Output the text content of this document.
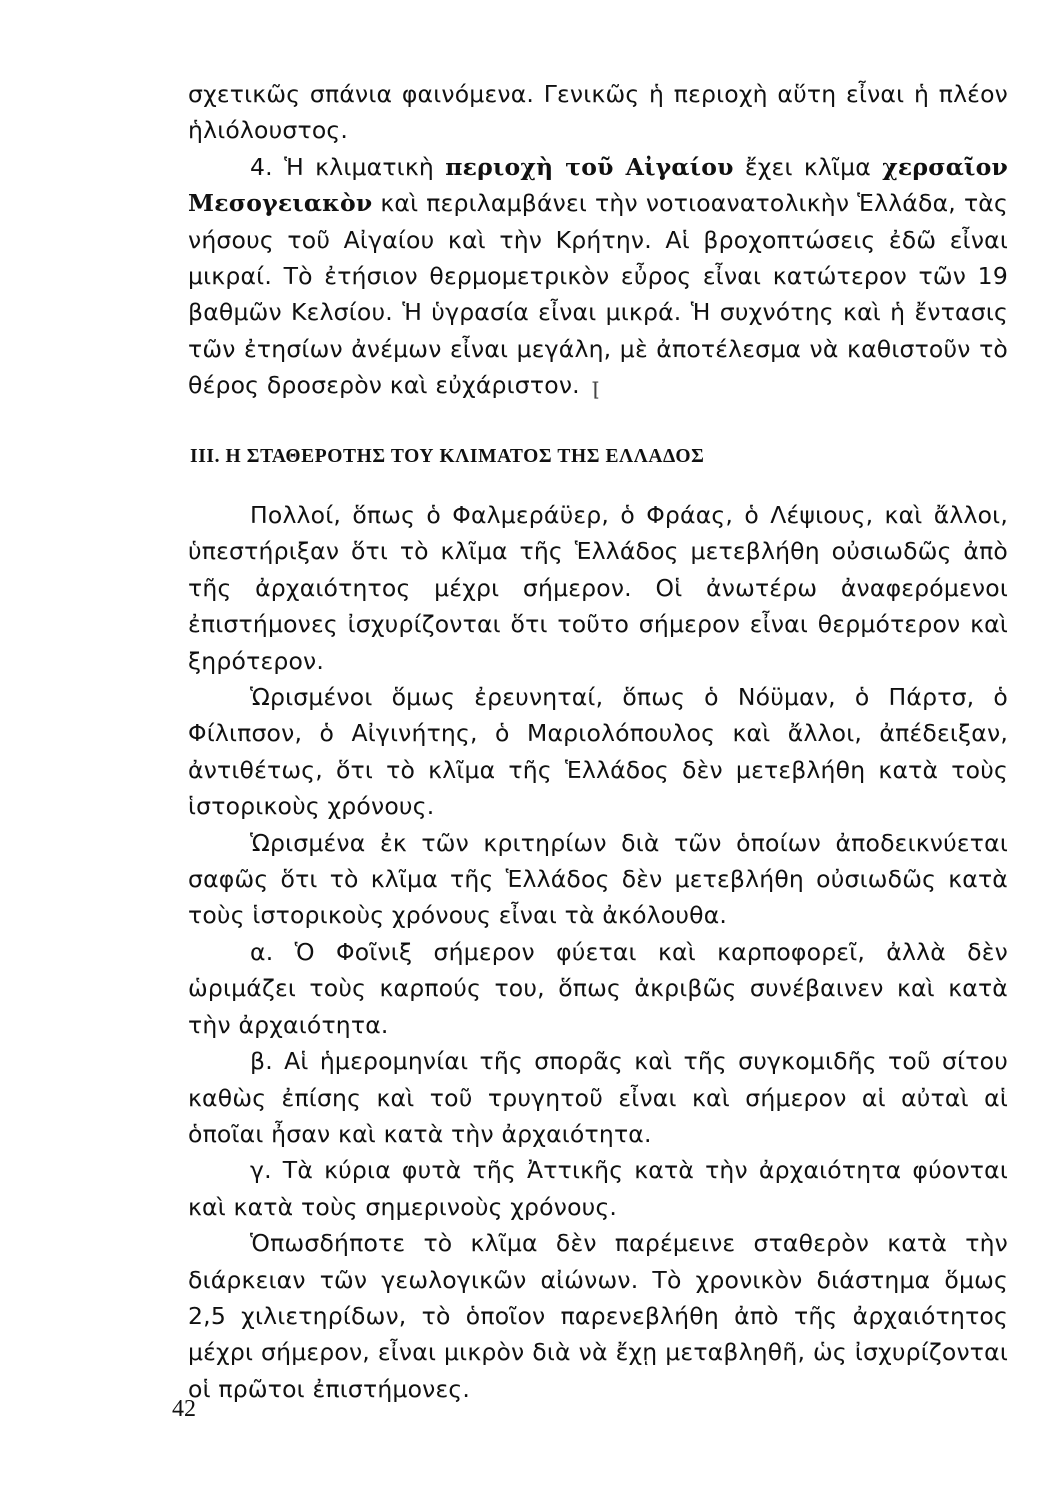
σχετικῶς σπάνια φαινόμενα. Γενικῶς ἡ περιοχὴ αὕτη εἶναι ἡ πλέον ἡλιόλουστος.

4. Ἡ κλιματικὴ περιοχὴ τοῦ Αἰγαίου ἔχει κλῖμα χερσαῖον Μεσογειακὸν καὶ περιλαμβάνει τὴν νοτιοανατολικὴν Ἑλλάδα, τὰς νήσους τοῦ Αἰγαίου καὶ τὴν Κρήτην. Αἱ βροχοπτώσεις ἐδῶ εἶναι μικραί. Τὸ ἐτήσιον θερμομετρικὸν εὖρος εἶναι κατώτερον τῶν 19 βαθμῶν Κελσίου. Ἡ ὑγρασία εἶναι μικρά. Ἡ συχνότης καὶ ἡ ἔντασις τῶν ἐτησίων ἀνέμων εἶναι μεγάλη, μὲ ἀποτέλεσμα νὰ καθιστοῦν τὸ θέρος δροσερὸν καὶ εὐχάριστον. ꞁ

ΙΙΙ. Η ΣΤΑΘΕΡΟΤΗΣ ΤΟΥ ΚΛΙΜΑΤΟΣ ΤΗΣ ΕΛΛΑΔΟΣ

Πολλοί, ὅπως ὁ Φαλμεράϋερ, ὁ Φράας, ὁ Λέψιους, καὶ ἄλλοι, ὑπεστήριξαν ὅτι τὸ κλῖμα τῆς Ἑλλάδος μετεβλήθη οὐσιωδῶς ἀπὸ τῆς ἀρχαιότητος μέχρι σήμερον. Οἱ ἀνωτέρω ἀναφερόμενοι ἐπιστήμονες ἰσχυρίζονται ὅτι τοῦτο σήμερον εἶναι θερμότερον καὶ ξηρότερον.

Ὡρισμένοι ὅμως ἐρευνηταί, ὅπως ὁ Νόϋμαν, ὁ Πάρτσ, ὁ Φίλιπσον, ὁ Αἰγινήτης, ὁ Μαριολόπουλος καὶ ἄλλοι, ἀπέδειξαν, ἀντιθέτως, ὅτι τὸ κλῖμα τῆς Ἑλλάδος δὲν μετεβλήθη κατὰ τοὺς ἱστορικοὺς χρόνους.

Ὡρισμένα ἐκ τῶν κριτηρίων διὰ τῶν ὁποίων ἀποδεικνύεται σαφῶς ὅτι τὸ κλῖμα τῆς Ἑλλάδος δὲν μετεβλήθη οὐσιωδῶς κατὰ τοὺς ἱστορικοὺς χρόνους εἶναι τὰ ἀκόλουθα.

α. Ὁ Φοῖνιξ σήμερον φύεται καὶ καρποφορεῖ, ἀλλὰ δὲν ὡριμάζει τοὺς καρπούς του, ὅπως ἀκριβῶς συνέβαινεν καὶ κατὰ τὴν ἀρχαιότητα.

β. Αἱ ἡμερομηνίαι τῆς σπορᾶς καὶ τῆς συγκομιδῆς τοῦ σίτου καθὼς ἐπίσης καὶ τοῦ τρυγητοῦ εἶναι καὶ σήμερον αἱ αὐταὶ αἱ ὁποῖαι ἦσαν καὶ κατὰ τὴν ἀρχαιότητα.

γ. Τὰ κύρια φυτὰ τῆς Ἀττικῆς κατὰ τὴν ἀρχαιότητα φύονται καὶ κατὰ τοὺς σημερινοὺς χρόνους.

Ὁπωσδήποτε τὸ κλῖμα δὲν παρέμεινε σταθερὸν κατὰ τὴν διάρκειαν τῶν γεωλογικῶν αἰώνων. Τὸ χρονικὸν διάστημα ὅμως 2,5 χιλιετηρίδων, τὸ ὁποῖον παρενεβλήθη ἀπὸ τῆς ἀρχαιότητος μέχρι σήμερον, εἶναι μικρὸν διὰ νὰ ἔχῃ μεταβληθῆ, ὡς ἰσχυρίζονται οἱ πρῶτοι ἐπιστήμονες.

42
